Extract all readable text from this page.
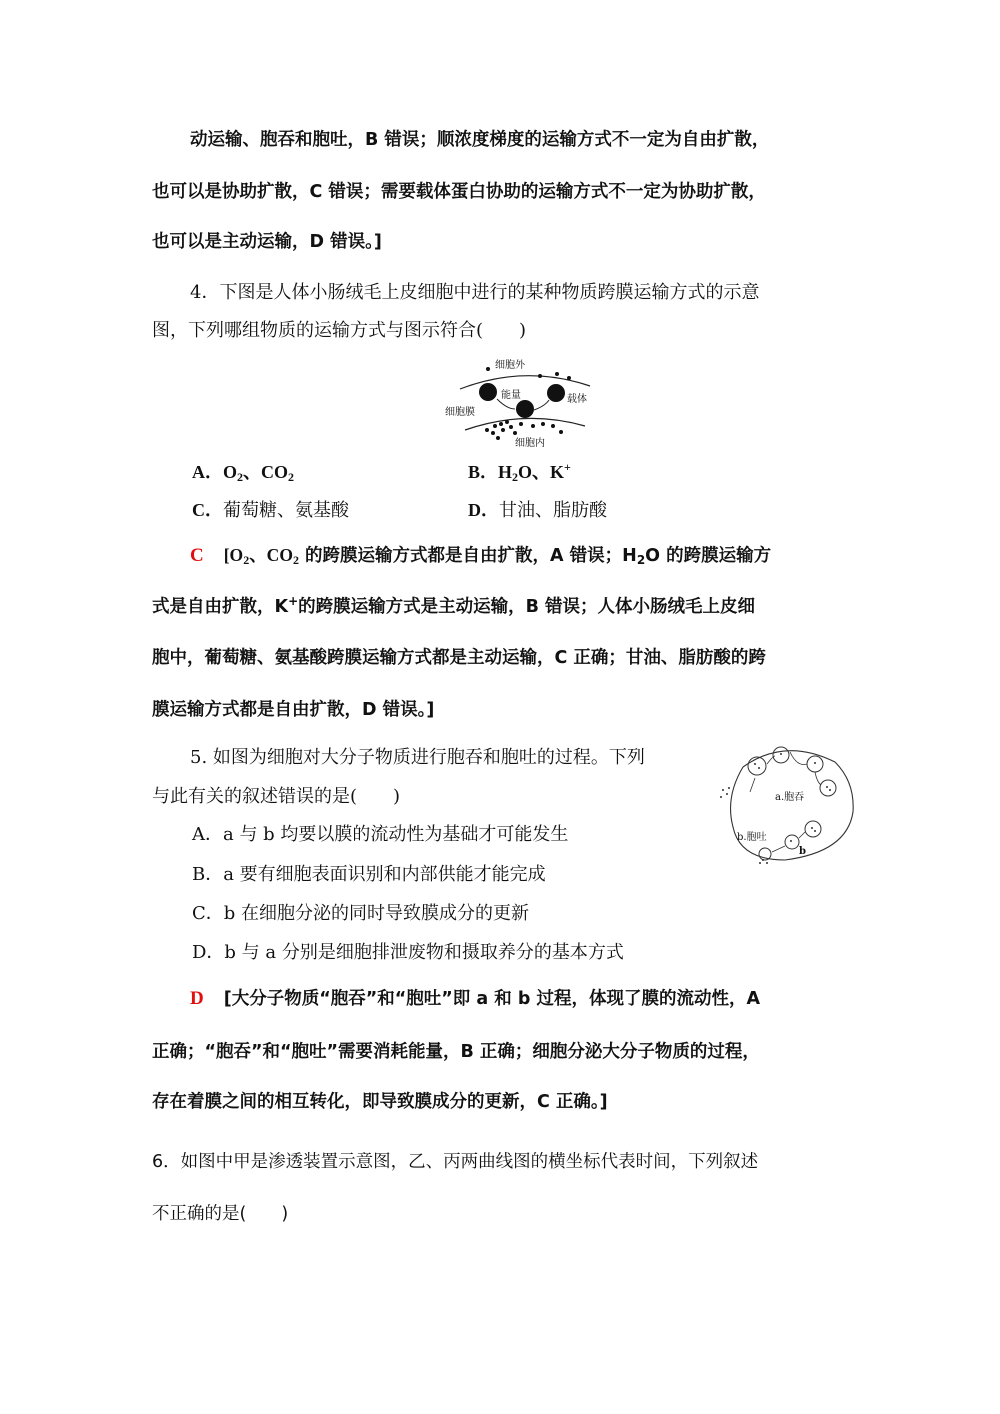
动运输、胞吞和胞吐，B 错误；顺浓度梯度的运输方式不一定为自由扩散，
也可以是协助扩散，C 错误；需要载体蛋白协助的运输方式不一定为协助扩散，
也可以是主动运输，D 错误。]
4．下图是人体小肠绒毛上皮细胞中进行的某种物质跨膜运输方式的示意
图，下列哪组物质的运输方式与图示符合(　　)
细胞外
能量	载体
细胞膜
细胞内
A．$O_2$、$CO_2$	B．$H_2O$、K+
C．葡萄糖、氨基酸	D．甘油、脂肪酸
C [$O_2$、$CO_2$ 的跨膜运输方式都是自由扩散，A 错误；$H_2O$ 的跨膜运输方
式是自由扩散，K+的跨膜运输方式是主动运输，B 错误；人体小肠绒毛上皮细
胞中，葡萄糖、氨基酸跨膜运输方式都是主动运输，C 正确；甘油、脂肪酸的跨
膜运输方式都是自由扩散，D 错误。]
5. 如图为细胞对大分子物质进行胞吞和胞吐的过程。下列
与此有关的叙述错误的是(　　)	a.胞吞
b.胞吐
b
A．a 与 b 均要以膜的流动性为基础才可能发生
B．a 要有细胞表面识别和内部供能才能完成
C．b 在细胞分泌的同时导致膜成分的更新
D．b 与 a 分别是细胞排泄废物和摄取养分的基本方式
D [大分子物质“胞吞”和“胞吐”即 a 和 b 过程，体现了膜的流动性，A
正确；“胞吞”和“胞吐”需要消耗能量，B 正确；细胞分泌大分子物质的过程，
存在着膜之间的相互转化，即导致膜成分的更新，C 正确。]
6．如图中甲是渗透装置示意图，乙、丙两曲线图的横坐标代表时间，下列叙述
不正确的是(　　)
